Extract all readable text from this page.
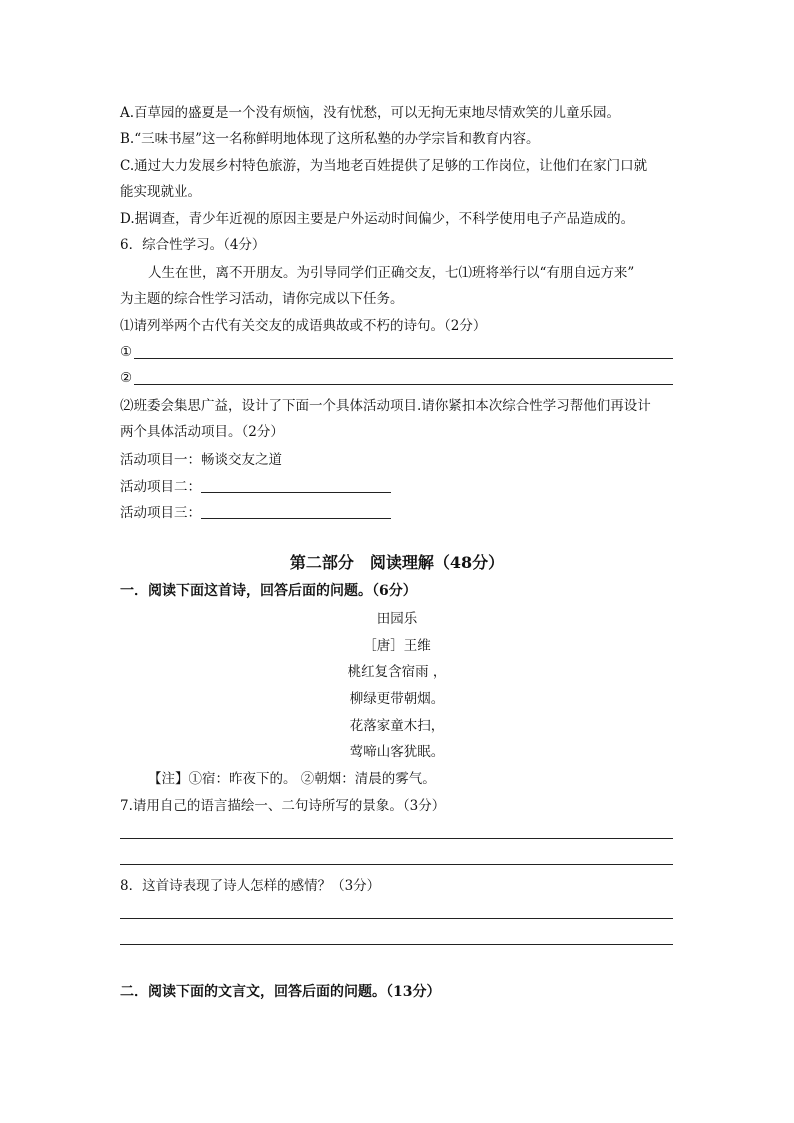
A.百草园的盛夏是一个没有烦恼，没有忧愁，可以无拘无束地尽情欢笑的儿童乐园。
B.“三味书屋”这一名称鲜明地体现了这所私塾的办学宗旨和教育内容。
C.通过大力发展乡村特色旅游，为当地老百姓提供了足够的工作岗位，让他们在家门口就
能实现就业。
D.据调查，青少年近视的原因主要是户外运动时间偏少，不科学使用电子产品造成的。
6．综合性学习。（4分）
人生在世，离不开朋友。为引导同学们正确交友，七⑴班将举行以“有朋自远方来”
为主题的综合性学习活动，请你完成以下任务。
⑴请列举两个古代有关交友的成语典故或不朽的诗句。（2分）
①
②
⑵班委会集思广益，设计了下面一个具体活动项目.请你紧扣本次综合性学习帮他们再设计
两个具体活动项目。（2分）
活动项目一：畅谈交友之道
活动项目二：
活动项目三：
第二部分　阅读理解（48分）
一．阅读下面这首诗，回答后面的问题。（6分）
田园乐
［唐］王维
桃红复含宿雨 ，
柳绿更带朝烟。
花落家童木扫，
莺啼山客犹眠。
【注】①宿：昨夜下的。 ②朝烟：清晨的雾气。
7.请用自己的语言描绘一、二句诗所写的景象。（3分）
8．这首诗表现了诗人怎样的感情？（3分）
二．阅读下面的文言文，回答后面的问题。（13分）
